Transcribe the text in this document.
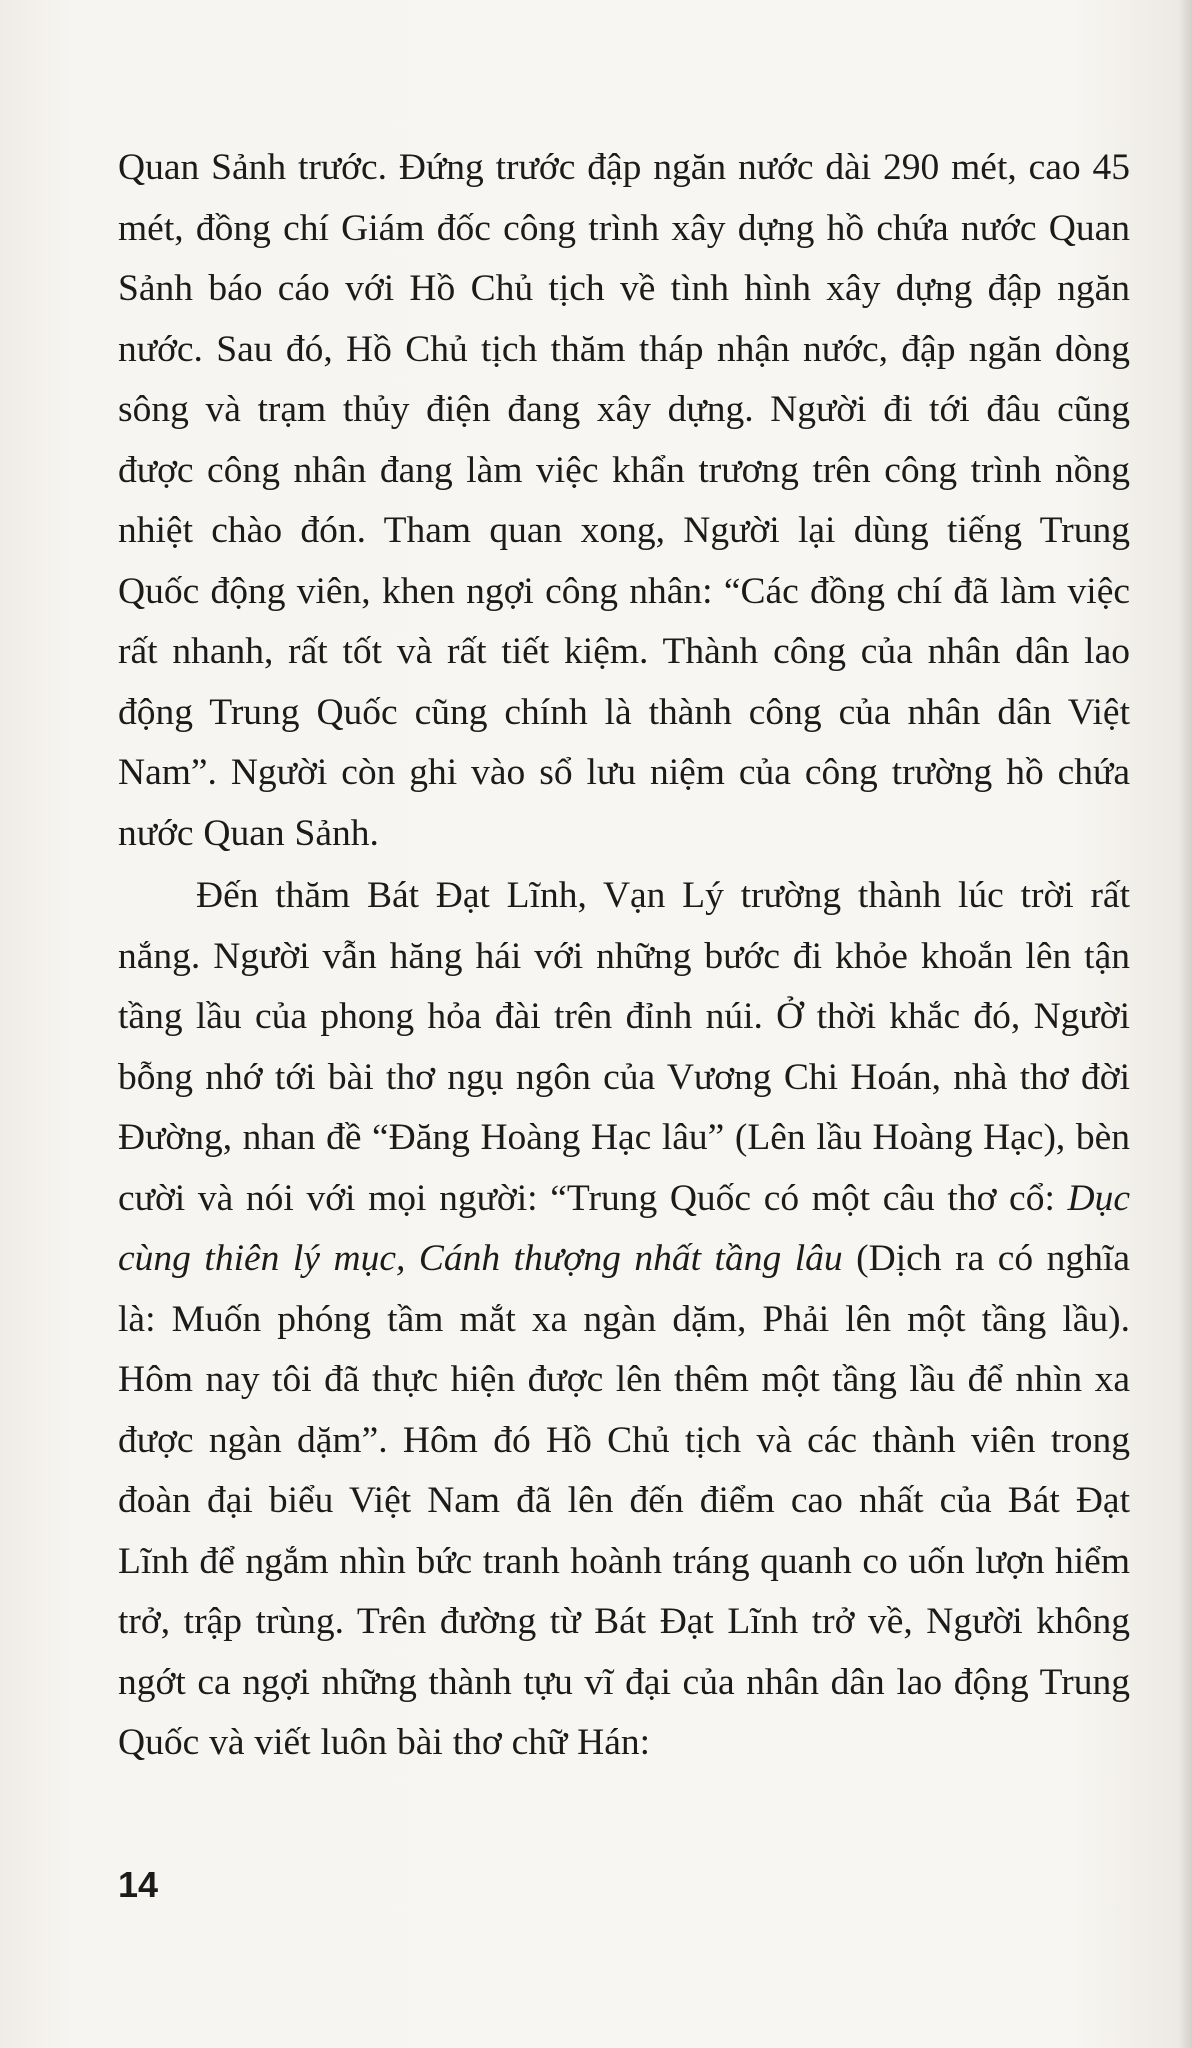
Quan Sảnh trước. Đứng trước đập ngăn nước dài 290 mét, cao 45 mét, đồng chí Giám đốc công trình xây dựng hồ chứa nước Quan Sảnh báo cáo với Hồ Chủ tịch về tình hình xây dựng đập ngăn nước. Sau đó, Hồ Chủ tịch thăm tháp nhận nước, đập ngăn dòng sông và trạm thủy điện đang xây dựng. Người đi tới đâu cũng được công nhân đang làm việc khẩn trương trên công trình nồng nhiệt chào đón. Tham quan xong, Người lại dùng tiếng Trung Quốc động viên, khen ngợi công nhân: “Các đồng chí đã làm việc rất nhanh, rất tốt và rất tiết kiệm. Thành công của nhân dân lao động Trung Quốc cũng chính là thành công của nhân dân Việt Nam”. Người còn ghi vào sổ lưu niệm của công trường hồ chứa nước Quan Sảnh.

Đến thăm Bát Đạt Lĩnh, Vạn Lý trường thành lúc trời rất nắng. Người vẫn hăng hái với những bước đi khỏe khoắn lên tận tầng lầu của phong hỏa đài trên đỉnh núi. Ở thời khắc đó, Người bỗng nhớ tới bài thơ ngụ ngôn của Vương Chi Hoán, nhà thơ đời Đường, nhan đề “Đăng Hoàng Hạc lâu” (Lên lầu Hoàng Hạc), bèn cười và nói với mọi người: “Trung Quốc có một câu thơ cổ: Dục cùng thiên lý mục, Cánh thượng nhất tầng lâu (Dịch ra có nghĩa là: Muốn phóng tầm mắt xa ngàn dặm, Phải lên một tầng lầu). Hôm nay tôi đã thực hiện được lên thêm một tầng lầu để nhìn xa được ngàn dặm”. Hôm đó Hồ Chủ tịch và các thành viên trong đoàn đại biểu Việt Nam đã lên đến điểm cao nhất của Bát Đạt Lĩnh để ngắm nhìn bức tranh hoành tráng quanh co uốn lượn hiểm trở, trập trùng. Trên đường từ Bát Đạt Lĩnh trở về, Người không ngớt ca ngợi những thành tựu vĩ đại của nhân dân lao động Trung Quốc và viết luôn bài thơ chữ Hán:

14
